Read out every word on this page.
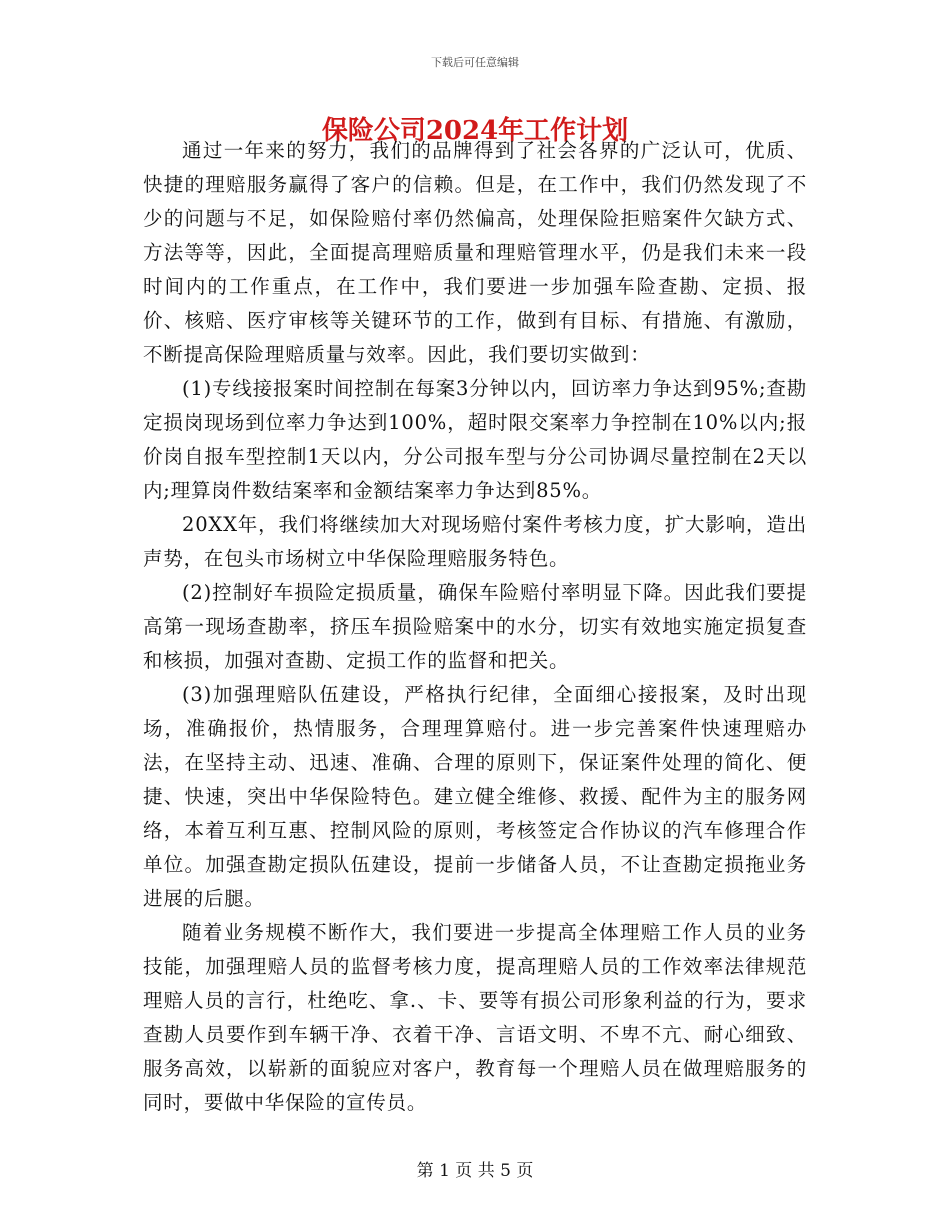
下载后可任意编辑
保险公司2024年工作计划

通过一年来的努力，我们的品牌得到了社会各界的广泛认可，优质、快捷的理赔服务赢得了客户的信赖。但是，在工作中，我们仍然发现了不少的问题与不足，如保险赔付率仍然偏高，处理保险拒赔案件欠缺方式、方法等等，因此，全面提高理赔质量和理赔管理水平，仍是我们未来一段时间内的工作重点，在工作中，我们要进一步加强车险查勘、定损、报价、核赔、医疗审核等关键环节的工作，做到有目标、有措施、有激励，不断提高保险理赔质量与效率。因此，我们要切实做到：

(1)专线接报案时间控制在每案3分钟以内，回访率力争达到95%;查勘定损岗现场到位率力争达到100%，超时限交案率力争控制在10%以内;报价岗自报车型控制1天以内，分公司报车型与分公司协调尽量控制在2天以内;理算岗件数结案率和金额结案率力争达到85%。

20XX年，我们将继续加大对现场赔付案件考核力度，扩大影响，造出声势，在包头市场树立中华保险理赔服务特色。

(2)控制好车损险定损质量，确保车险赔付率明显下降。因此我们要提高第一现场查勘率，挤压车损险赔案中的水分，切实有效地实施定损复查和核损，加强对查勘、定损工作的监督和把关。

(3)加强理赔队伍建设，严格执行纪律，全面细心接报案，及时出现场，准确报价，热情服务，合理理算赔付。进一步完善案件快速理赔办法，在坚持主动、迅速、准确、合理的原则下，保证案件处理的简化、便捷、快速，突出中华保险特色。建立健全维修、救援、配件为主的服务网络，本着互利互惠、控制风险的原则，考核签定合作协议的汽车修理合作单位。加强查勘定损队伍建设，提前一步储备人员，不让查勘定损拖业务进展的后腿。

随着业务规模不断作大，我们要进一步提高全体理赔工作人员的业务技能，加强理赔人员的监督考核力度，提高理赔人员的工作效率法律规范理赔人员的言行，杜绝吃、拿.、卡、要等有损公司形象利益的行为，要求查勘人员要作到车辆干净、衣着干净、言语文明、不卑不亢、耐心细致、服务高效，以崭新的面貌应对客户，教育每一个理赔人员在做理赔服务的同时，要做中华保险的宣传员。

第 1 页 共 5 页
